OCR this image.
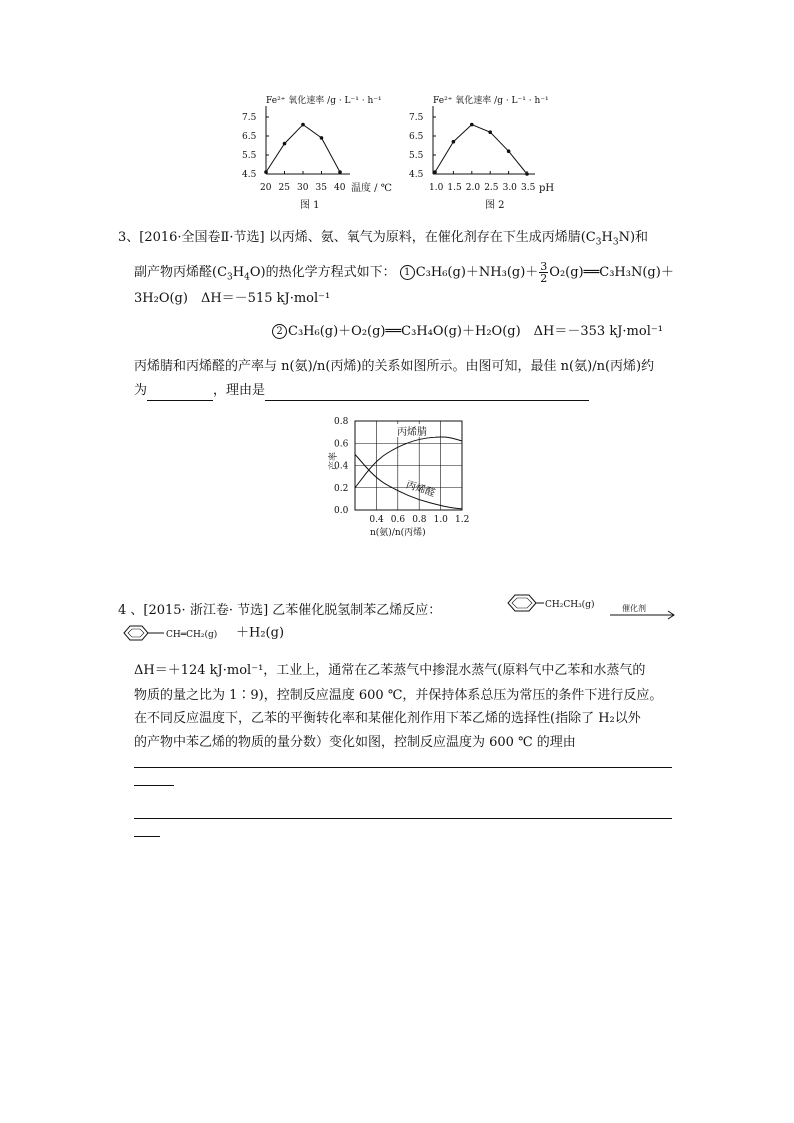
Fe²⁺ 氧化速率 /g · L⁻¹ · h⁻¹
7.5
6.5
5.5
4.5
20 25 30 35 40 温度 / ℃
图 1
Fe²⁺ 氧化速率 /g · L⁻¹ · h⁻¹
7.5
6.5
5.5
4.5
1.0 1.5 2.0 2.5 3.0 3.5 pH
图 2
3、[2016·全国卷Ⅱ·节选] 以丙烯、氨、氧气为原料，在催化剂存在下生成丙烯腈$(C_3H_3N)$和
副产物丙烯醛$(C_3H_4O)$的热化学方程式如下： 1 $C_3H_6(g)+NH_3(g)+ \frac{3}{2}$ O₂(g)══C₃H₃N(g)＋
3H₂O(g)　ΔH＝－515 kJ·mol⁻¹
2 C₃H₆(g)＋O₂(g)══C₃H₄O(g)＋H₂O(g)　ΔH＝－353 kJ·mol⁻¹
丙烯腈和丙烯醛的产率与 n(氨)/n(丙烯)的关系如图所示。由图可知，最佳 n(氨)/n(丙烯)约
为	，理由是
产率
0.8
0.6
0.4
0.2
0.0
0.4 0.6 0.8 1.0 1.2
丙烯腈
丙烯醛
n(氨)/n(丙烯)
4 、[2015· 浙江卷· 节选] 乙苯催化脱氢制苯乙烯反应：	CH₂CH₃(g)	催化剂
CH═CH₂(g) ＋H₂(g)
ΔH＝＋124 kJ·mol⁻¹，工业上，通常在乙苯蒸气中掺混水蒸气(原料气中乙苯和水蒸气的
物质的量之比为 1∶9)，控制反应温度 600 ℃，并保持体系总压为常压的条件下进行反应。
在不同反应温度下，乙苯的平衡转化率和某催化剂作用下苯乙烯的选择性(指除了 H₂以外
的产物中苯乙烯的物质的量分数）变化如图，控制反应温度为 600 ℃ 的理由
